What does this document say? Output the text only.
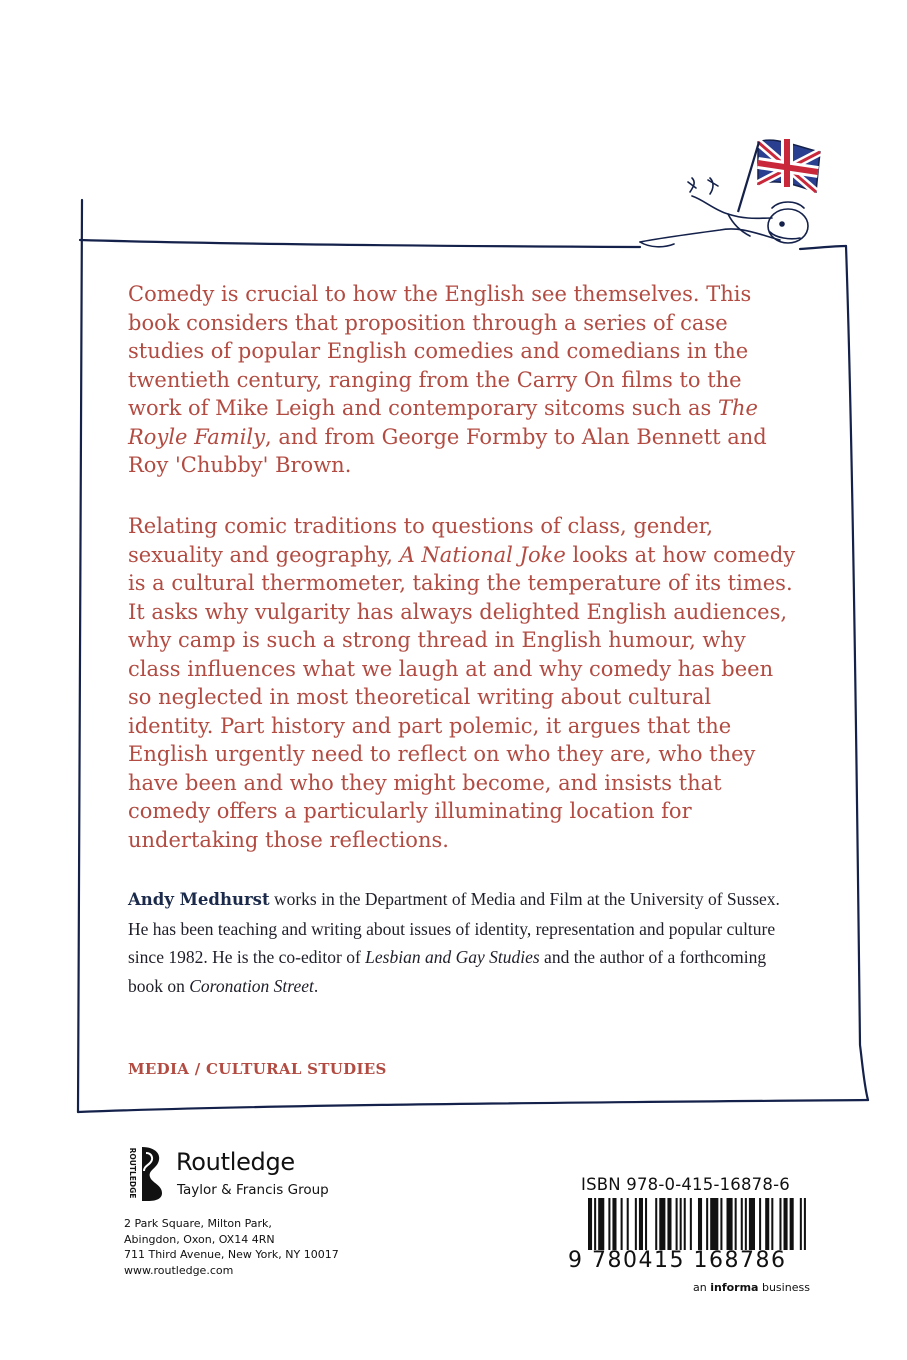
Comedy is crucial to how the English see themselves. This book considers that proposition through a series of case studies of popular English comedies and comedians in the twentieth century, ranging from the Carry On films to the work of Mike Leigh and contemporary sitcoms such as The Royle Family, and from George Formby to Alan Bennett and Roy 'Chubby' Brown.

Relating comic traditions to questions of class, gender, sexuality and geography, A National Joke looks at how comedy is a cultural thermometer, taking the temperature of its times. It asks why vulgarity has always delighted English audiences, why camp is such a strong thread in English humour, why class influences what we laugh at and why comedy has been so neglected in most theoretical writing about cultural identity. Part history and part polemic, it argues that the English urgently need to reflect on who they are, who they have been and who they might become, and insists that comedy offers a particularly illuminating location for undertaking those reflections.

Andy Medhurst works in the Department of Media and Film at the University of Sussex. He has been teaching and writing about issues of identity, representation and popular culture since 1982. He is the co-editor of Lesbian and Gay Studies and the author of a forthcoming book on Coronation Street.

MEDIA / CULTURAL STUDIES
ROUTLEDGE Routledge
Taylor & Francis Group
2 Park Square, Milton Park,
Abingdon, Oxon, OX14 4RN
711 Third Avenue, New York, NY 10017
www.routledge.com
ISBN 978-0-415-16878-6
9 780415 168786
an informa business
